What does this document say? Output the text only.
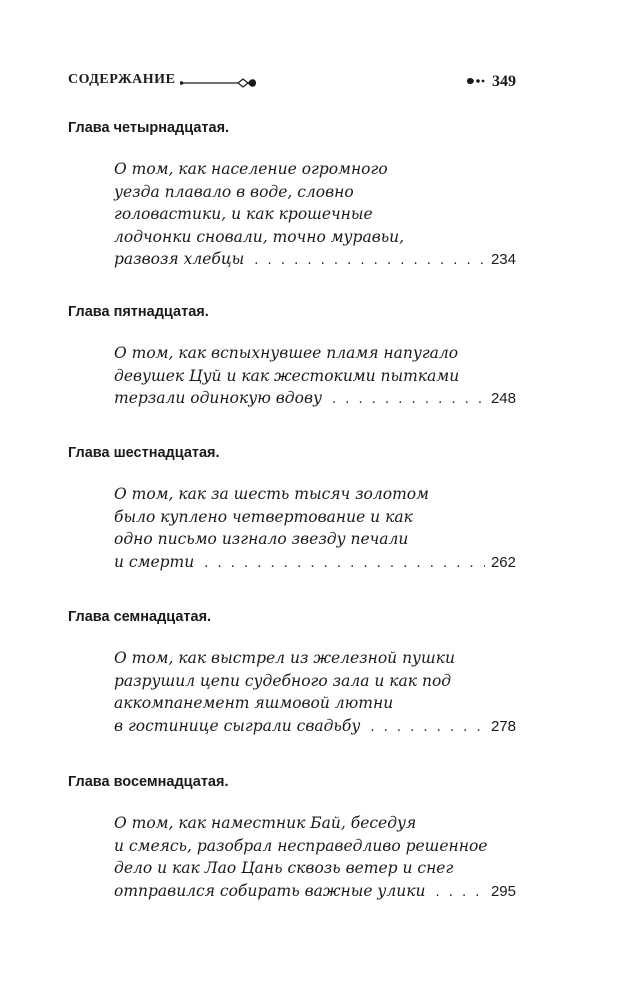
СОДЕРЖАНИЕ	349

Глава четырнадцатая.

О том, как население огромного
уезда плавало в воде, словно
головастики, и как крошечные
лодчонки сновали, точно муравьи,
развозя хлебцы . . .	234

Глава пятнадцатая.

О том, как вспыхнувшее пламя напугало
девушек Цуй и как жестокими пытками
терзали одинокую вдову . . .	248

Глава шестнадцатая.

О том, как за шесть тысяч золотом
было куплено четвертование и как
одно письмо изгнало звезду печали
и смерти . . .	262

Глава семнадцатая.

О том, как выстрел из железной пушки
разрушил цепи судебного зала и как под
аккомпанемент яшмовой лютни
в гостинице сыграли свадьбу . . .	278

Глава восемнадцатая.

О том, как наместник Бай, беседуя
и смеясь, разобрал несправедливо решенное
дело и как Лао Цань сквозь ветер и снег
отправился собирать важные улики . . .	295
